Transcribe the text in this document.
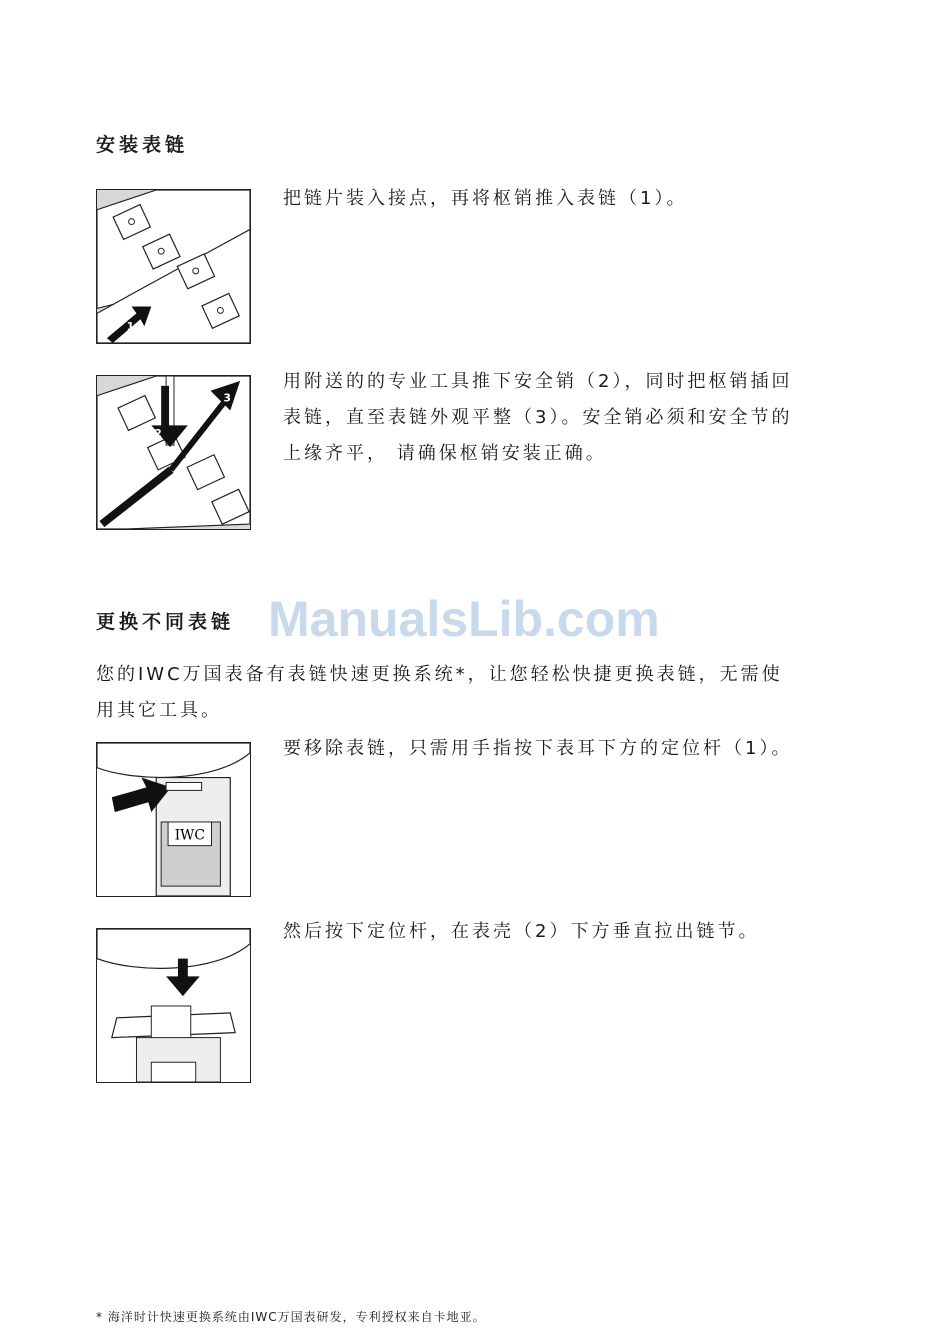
安装表链
1
把链片装入接点，再将枢销推入表链（1）。
2
3
用附送的的专业工具推下安全销（2），同时把枢销插回
表链，直至表链外观平整（3）。安全销必须和安全节的
上缘齐平， 请确保枢销安装正确。
更换不同表链 ManualsLib.com
您的IWC万国表备有表链快速更换系统*，让您轻松快捷更换表链，无需使
用其它工具。
IWC
要移除表链，只需用手指按下表耳下方的定位杆（1）。
然后按下定位杆，在表壳（2）下方垂直拉出链节。
* 海洋时计快速更换系统由IWC万国表研发，专利授权来自卡地亚。
